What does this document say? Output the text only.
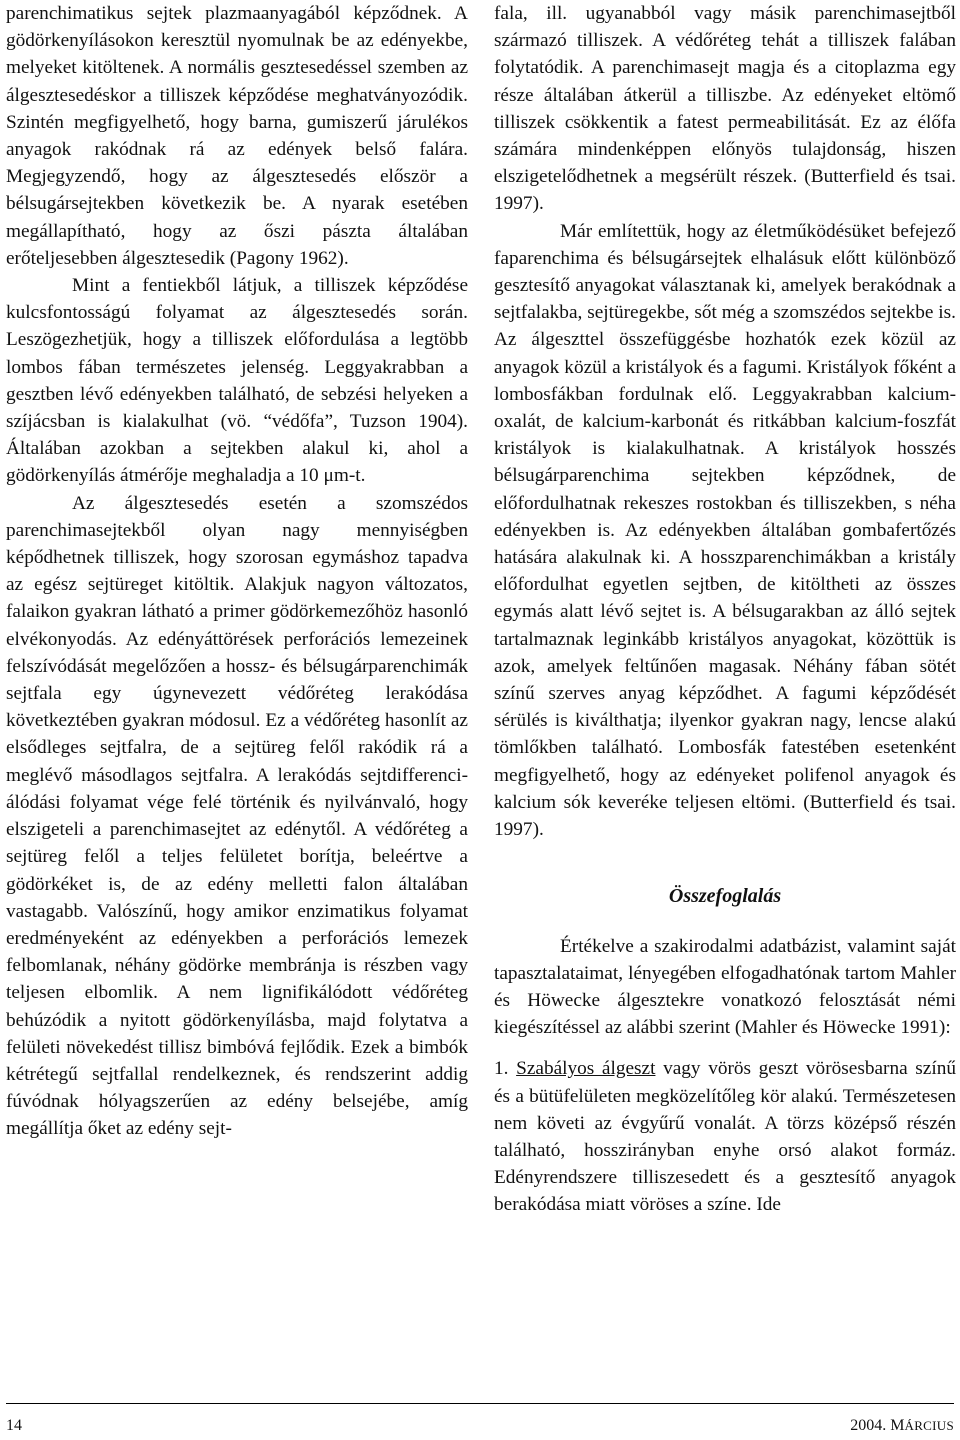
parenchimatikus sejtek plazmaanyagából képződnek. A gödörkenyílásokon keresztül nyomulnak be az edényekbe, melyeket kitöltenek. A normális gesztesedéssel szemben az álgesztesedéskor a tilliszek képződése meghatványozódik. Szintén megfigyelhető, hogy barna, gumiszerű járulékos anyagok rakódnak rá az edények belső falára. Megjegyzendő, hogy az álgesztesedés először a bélsugársejtekben következik be. A nyarak esetében megállapítható, hogy az őszi pászta általában erőteljesebben álgesztesedik (Pagony 1962).

Mint a fentiekből látjuk, a tilliszek képződése kulcsfontosságú folyamat az álgesztesedés során. Leszögezhetjük, hogy a tilliszek előfordulása a legtöbb lombos fában természetes jelenség. Leggyakrabban a gesztben lévő edényekben található, de sebzési helyeken a szíjácsban is kialakulhat (vö. “védőfa”, Tuzson 1904). Általában azokban a sejtekben alakul ki, ahol a gödörkenyílás átmérője meghaladja a 10 μm-t.

Az álgesztesedés esetén a szomszédos parenchimasejtekből olyan nagy mennyiségben képődhetnek tilliszek, hogy szorosan egymáshoz tapadva az egész sejtüreget kitöltik. Alakjuk nagyon változatos, falaikon gyakran látható a primer gödörkemezőhöz hasonló elvékonyodás. Az edényáttörések perforációs lemezeinek felszívódását megelőzően a hossz- és bélsugárparenchimák sejtfala egy úgynevezett védőréteg lerakódása következtében gyakran módosul. Ez a védőréteg hasonlít az elsődleges sejtfalra, de a sejtüreg felől rakódik rá a meglévő másodlagos sejtfalra. A lerakódás sejtdifferenciálódási folyamat vége felé történik és nyilvánvaló, hogy elszigeteli a parenchimasejtet az edénytől. A védőréteg a sejtüreg felől a teljes felületet borítja, beleértve a gödörkéket is, de az edény melletti falon általában vastagabb. Valószínű, hogy amikor enzimatikus folyamat eredményeként az edényekben a perforációs lemezek felbomlanak, néhány gödörke membránja is részben vagy teljesen elbomlik. A nem lignifikálódott védőréteg behúzódik a nyitott gödörkenyílásba, majd folytatva a felületi növekedést tillisz bimbóvá fejlődik. Ezek a bimbók kétrétegű sejtfallal rendelkeznek, és rendszerint addig fúvódnak hólyagszerűen az edény belsejébe, amíg megállítja őket az edény sejt-

fala, ill. ugyanabból vagy másik parenchimasejtből származó tilliszek. A védőréteg tehát a tilliszek falában folytatódik. A parenchimasejt magja és a citoplazma egy része általában átkerül a tilliszbe. Az edényeket eltömő tilliszek csökkentik a fatest permeabilitását. Ez az élőfa számára mindenképpen előnyös tulajdonság, hiszen elszigetelődhetnek a megsérült részek. (Butterfield és tsai. 1997).

Már említettük, hogy az életműködésüket befejező faparenchima és bélsugársejtek elhalásuk előtt különböző gesztesítő anyagokat választanak ki, amelyek berakódnak a sejtfalakba, sejtüregekbe, sőt még a szomszédos sejtekbe is. Az álgeszttel összefüggésbe hozhatók ezek közül az anyagok közül a kristályok és a fagumi. Kristályok főként a lombosfákban fordulnak elő. Leggyakrabban kalcium-oxalát, de kalcium-karbonát és ritkábban kalcium-foszfát kristályok is kialakulhatnak. A kristályok hosszés bélsugárparenchima sejtekben képződnek, de előfordulhatnak rekeszes rostokban és tilliszekben, s néha edényekben is. Az edényekben általában gombafertőzés hatására alakulnak ki. A hosszparenchimákban a kristály előfordulhat egyetlen sejtben, de kitöltheti az összes egymás alatt lévő sejtet is. A bélsugarakban az álló sejtek tartalmaznak leginkább kristályos anyagokat, közöttük is azok, amelyek feltűnően magasak. Néhány fában sötét színű szerves anyag képződhet. A fagumi képződését sérülés is kiválthatja; ilyenkor gyakran nagy, lencse alakú tömlőkben található. Lombosfák fatestében esetenként megfigyelhető, hogy az edényeket polifenol anyagok és kalcium sók keveréke teljesen eltömi. (Butterfield és tsai. 1997).

Összefoglalás

Értékelve a szakirodalmi adatbázist, valamint saját tapasztalataimat, lényegében elfogadhatónak tartom Mahler és Höwecke álgesztekre vonatkozó felosztását némi kiegészítéssel az alábbi szerint (Mahler és Höwecke 1991):

1. Szabályos álgeszt vagy vörös geszt vörösesbarna színű és a bütüfelületen megközelítőleg kör alakú. Természetesen nem követi az évgyűrű vonalát. A törzs középső részén található, hosszirányban enyhe orsó alakot formáz. Edényrendszere tilliszesedett és a gesztesítő anyagok berakódása miatt vöröses a színe. Ide

14	2004. MÁRCIUS
